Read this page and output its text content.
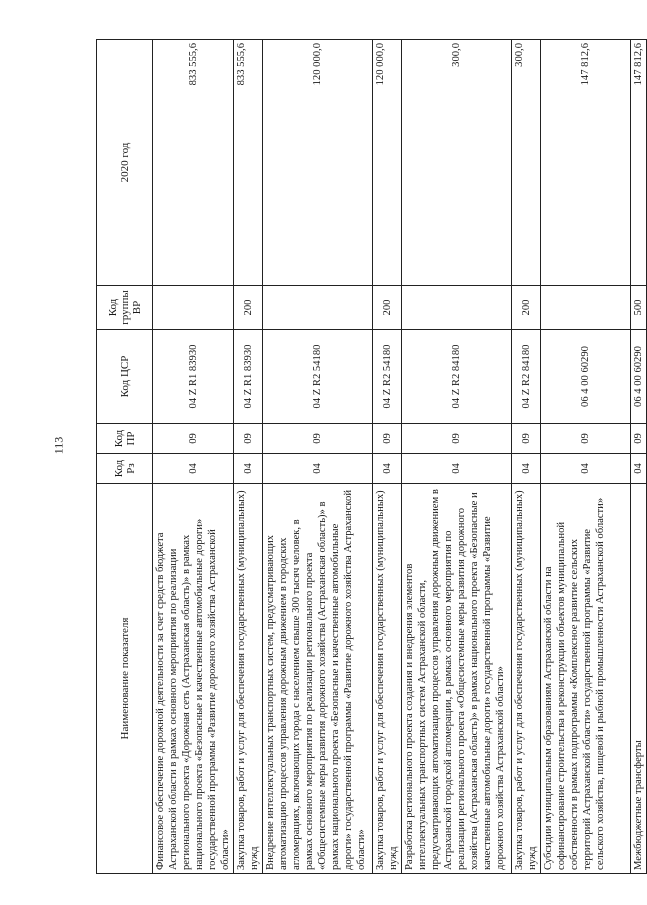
113
Наименование показателя	Код Рз	Код ПР	Код ЦСР	Код группы ВР	2020 год
Финансовое обеспечение дорожной деятельности за счет средств бюджета Астраханской области в рамках основного мероприятия по реализации регионального проекта «Дорожная сеть (Астраханская область)» в рамках национального проекта «Безопасные и качественные автомобильные дороги» государственной программы «Развитие дорожного хозяйства Астраханской области»	04	09	04 Z R1 83930		833 555,6
Закупка товаров, работ и услуг для обеспечения государственных (муниципальных) нужд	04	09	04 Z R1 83930	200	833 555,6
Внедрение интеллектуальных транспортных систем, предусматривающих автоматизацию процессов управления дорожным движением в городских агломерациях, включающих города с населением свыше 300 тысяч человек, в рамках основного мероприятия по реализации регионального проекта «Общесистемные меры развития дорожного хозяйства (Астраханская область)» в рамках национального проекта «Безопасные и качественные автомобильные дороги» государственной программы «Развитие дорожного хозяйства Астраханской области»	04	09	04 Z R2 54180		120 000,0
Закупка товаров, работ и услуг для обеспечения государственных (муниципальных) нужд	04	09	04 Z R2 54180	200	120 000,0
Разработка регионального проекта создания и внедрения элементов интеллектуальных транспортных систем Астраханской области, предусматривающих автоматизацию процессов управления дорожным движением в Астраханской городской агломерации, в рамках основного мероприятия по реализации регионального проекта «Общесистемные меры развития дорожного хозяйства (Астраханская область)» в рамках национального проекта «Безопасные и качественные автомобильные дороги» государственной программы «Развитие дорожного хозяйства Астраханской области»	04	09	04 Z R2 84180		300,0
Закупка товаров, работ и услуг для обеспечения государственных (муниципальных) нужд	04	09	04 Z R2 84180	200	300,0
Субсидии муниципальным образованиям Астраханской области на софинансирование строительства и реконструкции объектов муниципальной собственности в рамках подпрограммы «Комплексное развитие сельских территорий Астраханской области» государственной программы «Развитие сельского хозяйства, пищевой и рыбной промышленности Астраханской области»	04	09	06 4 00 60290		147 812,6
Межбюджетные трансферты	04	09	06 4 00 60290	500	147 812,6
